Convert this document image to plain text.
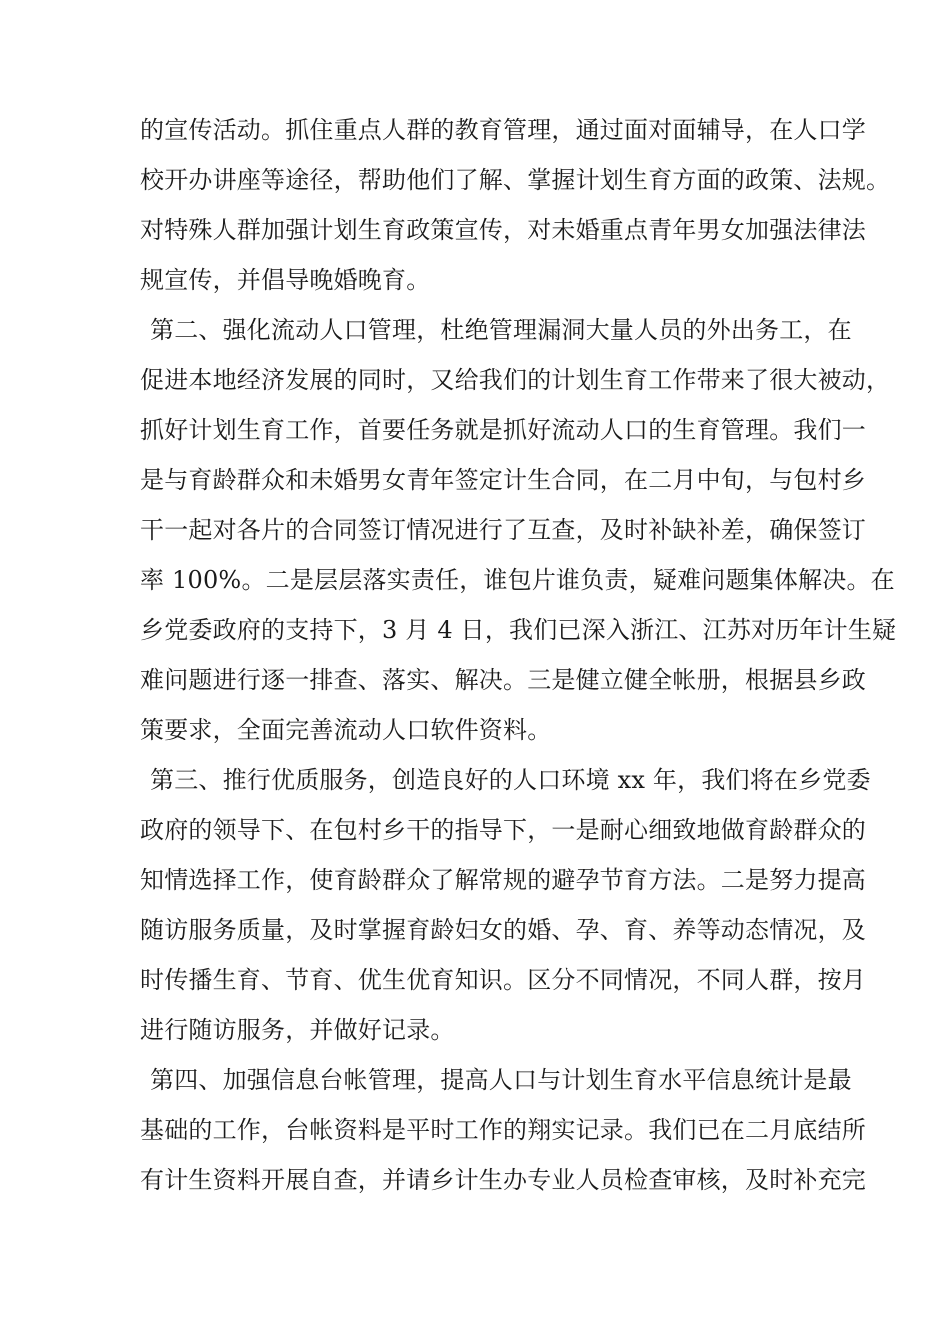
的宣传活动。抓住重点人群的教育管理，通过面对面辅导，在人口学
校开办讲座等途径，帮助他们了解、掌握计划生育方面的政策、法规。
对特殊人群加强计划生育政策宣传，对未婚重点青年男女加强法律法
规宣传，并倡导晚婚晚育。
第二、强化流动人口管理，杜绝管理漏洞大量人员的外出务工，在
促进本地经济发展的同时，又给我们的计划生育工作带来了很大被动，
抓好计划生育工作，首要任务就是抓好流动人口的生育管理。我们一
是与育龄群众和未婚男女青年签定计生合同，在二月中旬，与包村乡
干一起对各片的合同签订情况进行了互查，及时补缺补差，确保签订
率 100%。二是层层落实责任，谁包片谁负责，疑难问题集体解决。在
乡党委政府的支持下，3 月 4 日，我们已深入浙江、江苏对历年计生疑
难问题进行逐一排查、落实、解决。三是健立健全帐册，根据县乡政
策要求，全面完善流动人口软件资料。
第三、推行优质服务，创造良好的人口环境 xx 年，我们将在乡党委
政府的领导下、在包村乡干的指导下，一是耐心细致地做育龄群众的
知情选择工作，使育龄群众了解常规的避孕节育方法。二是努力提高
随访服务质量，及时掌握育龄妇女的婚、孕、育、养等动态情况，及
时传播生育、节育、优生优育知识。区分不同情况，不同人群，按月
进行随访服务，并做好记录。
第四、加强信息台帐管理，提高人口与计划生育水平信息统计是最
基础的工作，台帐资料是平时工作的翔实记录。我们已在二月底结所
有计生资料开展自查，并请乡计生办专业人员检查审核，及时补充完
